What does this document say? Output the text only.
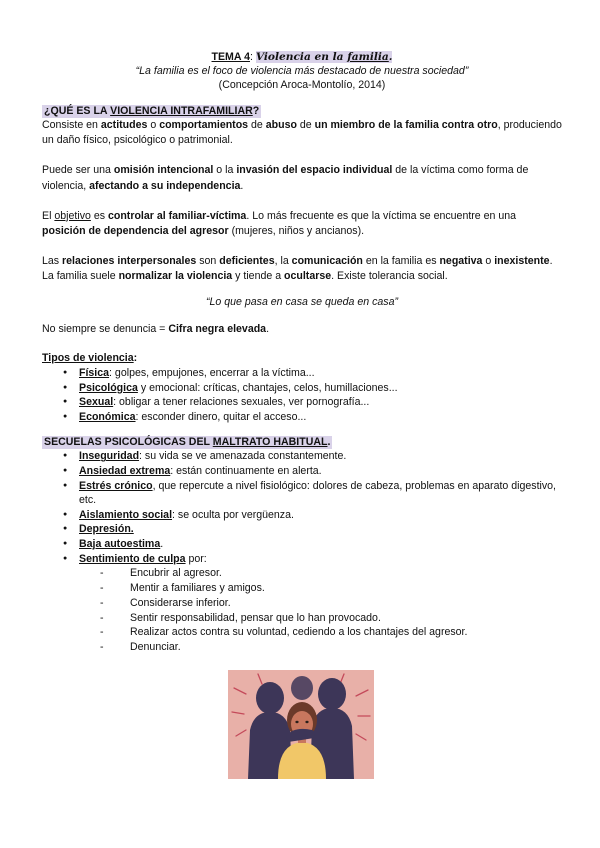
TEMA 4: Violencia en la familia.
“La familia es el foco de violencia más destacado de nuestra sociedad”
(Concepción Aroca-Montolío, 2014)
¿QUÉ ES LA VIOLENCIA INTRAFAMILIAR?

Consiste en actitudes o comportamientos de abuso de un miembro de la familia contra otro, produciendo un daño físico, psicológico o patrimonial.

Puede ser una omisión intencional o la invasión del espacio individual de la víctima como forma de violencia, afectando a su independencia.

El objetivo es controlar al familiar-víctima. Lo más frecuente es que la víctima se encuentre en una posición de dependencia del agresor (mujeres, niños y ancianos).

Las relaciones interpersonales son deficientes, la comunicación en la familia es negativa o inexistente. La familia suele normalizar la violencia y tiende a ocultarse. Existe tolerancia social.

“Lo que pasa en casa se queda en casa”

No siempre se denuncia = Cifra negra elevada.

Tipos de violencia:

● Física: golpes, empujones, encerrar a la víctima...
● Psicológica y emocional: críticas, chantajes, celos, humillaciones...
● Sexual: obligar a tener relaciones sexuales, ver pornografía...
● Económica: esconder dinero, quitar el acceso...
SECUELAS PSICOLÓGICAS DEL MALTRATO HABITUAL.
● Inseguridad: su vida se ve amenazada constantemente.
● Ansiedad extrema: están continuamente en alerta.
● Estrés crónico, que repercute a nivel fisiológico: dolores de cabeza, problemas en aparato digestivo, etc.
● Aislamiento social: se oculta por vergüenza.
● Depresión.
● Baja autoestima.
● Sentimiento de culpa por:
- Encubrir al agresor.
- Mentir a familiares y amigos.
- Considerarse inferior.
- Sentir responsabilidad, pensar que lo han provocado.
- Realizar actos contra su voluntad, cediendo a los chantajes del agresor.
- Denunciar.
